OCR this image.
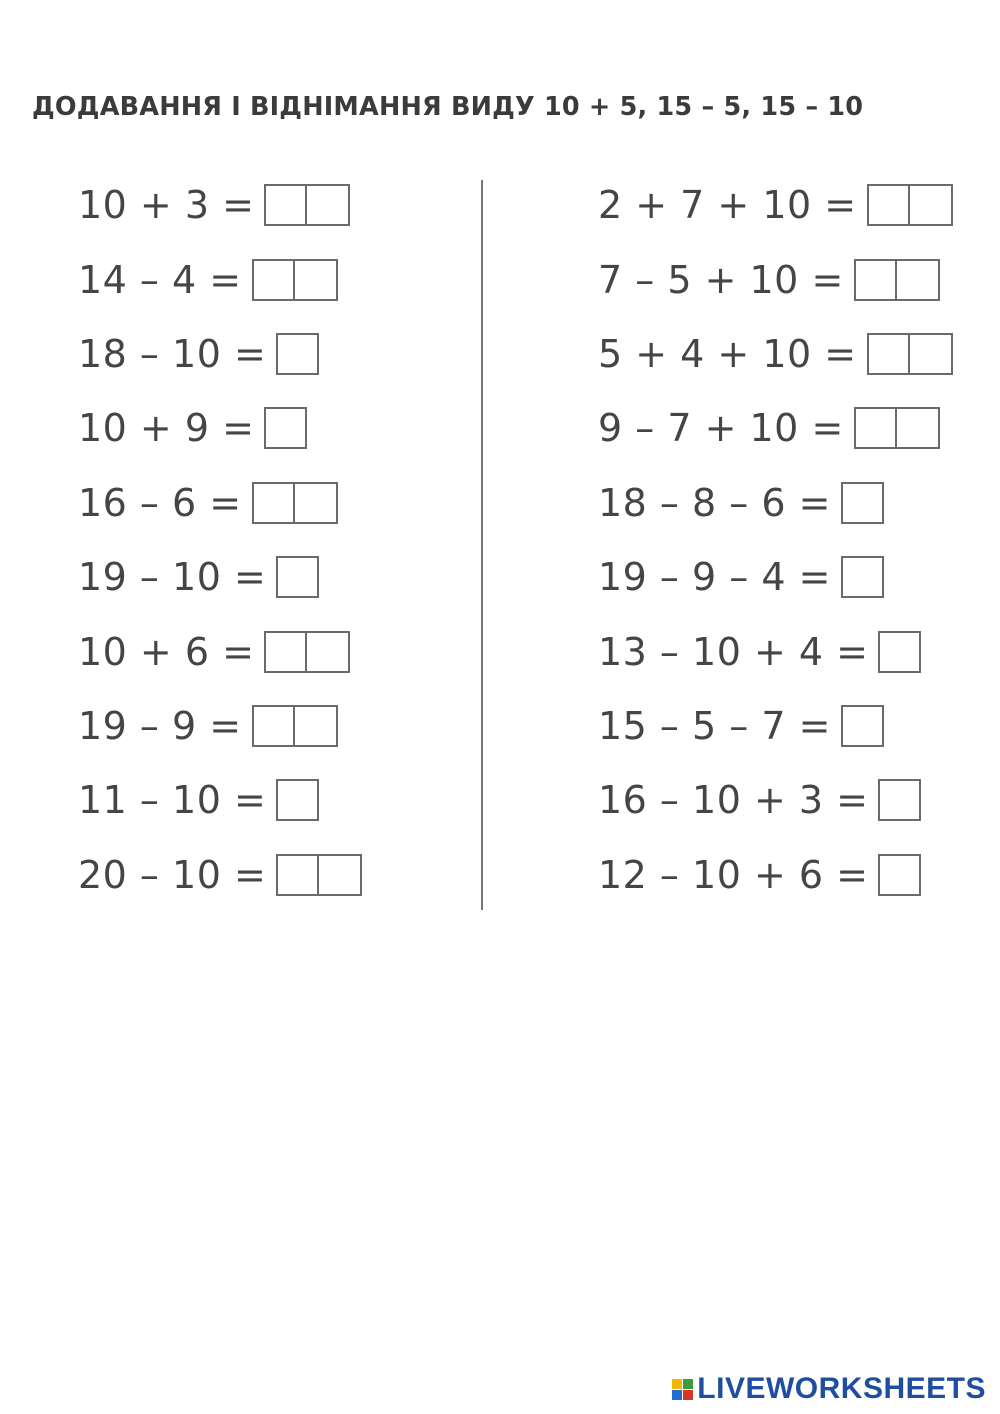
ДОДАВАННЯ І ВІДНІМАННЯ ВИДУ 10 + 5, 15 – 5, 15 – 10
10 + 3 =
14 – 4 =
18 – 10 =
10 + 9 =
16 – 6 =
19 – 10 =
10 + 6 =
19 – 9 =
11 – 10 =
20 – 10 =
2 + 7 + 10 =
7 – 5 + 10 =
5 + 4 + 10 =
9 – 7 + 10 =
18 – 8 – 6 =
19 – 9 – 4 =
13 – 10 + 4 =
15 – 5 – 7 =
16 – 10 + 3 =
12 – 10 + 6 =
LIVEWORKSHEETS
